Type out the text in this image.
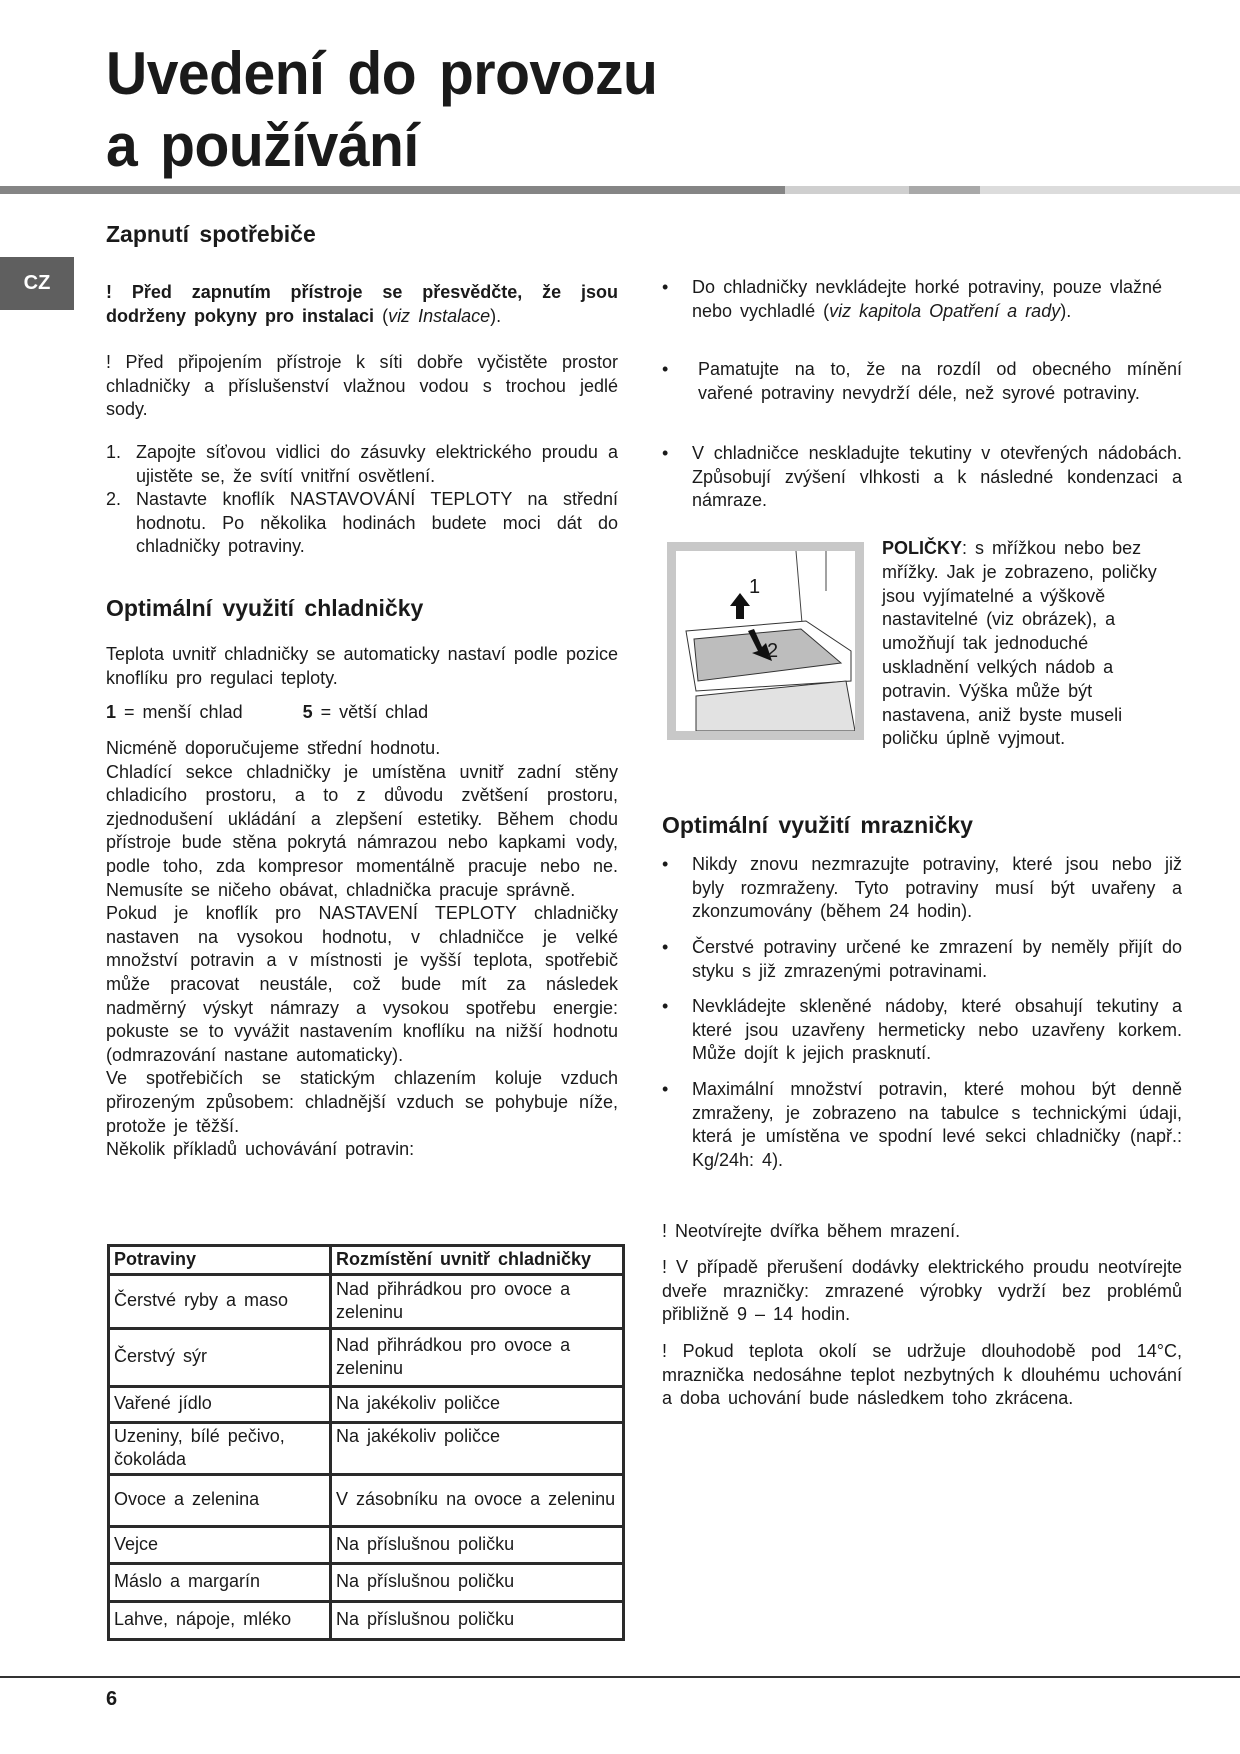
Uvedení do provozu
a používání
CZ
Zapnutí spotřebiče
! Před zapnutím přístroje se přesvědčte, že jsou dodrženy pokyny pro instalaci (viz Instalace).
! Před připojením přístroje k síti dobře vyčistěte prostor chladničky a příslušenství vlažnou vodou s trochou jedlé sody.
1. Zapojte síťovou vidlici do zásuvky elektrického proudu a ujistěte se, že svítí vnitřní osvětlení.
2. Nastavte knoflík NASTAVOVÁNÍ TEPLOTY na střední hodnotu. Po několika hodinách budete moci dát do chladničky potraviny.
Optimální využití chladničky
Teplota uvnitř chladničky se automaticky nastaví podle pozice knoflíku pro regulaci teploty.
1 = menší chlad	5 = větší chlad
Nicméně doporučujeme střední hodnotu.
Chladící sekce chladničky je umístěna uvnitř zadní stěny chladicího prostoru, a to z důvodu zvětšení prostoru, zjednodušení ukládání a zlepšení estetiky. Během chodu přístroje bude stěna pokrytá námrazou nebo kapkami vody, podle toho, zda kompresor momentálně pracuje nebo ne. Nemusíte se ničeho obávat, chladnička pracuje správně.
Pokud je knoflík pro NASTAVENÍ TEPLOTY chladničky nastaven na vysokou hodnotu, v chladničce je velké množství potravin a v místnosti je vyšší teplota, spotřebič může pracovat neustále, což bude mít za následek nadměrný výskyt námrazy a vysokou spotřebu energie: pokuste se to vyvážit nastavením knoflíku na nižší hodnotu (odmrazování nastane automaticky).
Ve spotřebičích se statickým chlazením koluje vzduch přirozeným způsobem: chladnější vzduch se pohybuje níže, protože je těžší.
Několik příkladů uchovávání potravin:
Potraviny	Rozmístění uvnitř chladničky
Čerstvé ryby a maso	Nad přihrádkou pro ovoce a zeleninu
Čerstvý sýr	Nad přihrádkou pro ovoce a zeleninu
Vařené jídlo	Na jakékoliv poličce
Uzeniny, bílé pečivo, čokoláda	Na jakékoliv poličce
Ovoce a zelenina	V zásobníku na ovoce a zeleninu
Vejce	Na příslušnou poličku
Máslo a margarín	Na příslušnou poličku
Lahve, nápoje, mléko	Na příslušnou poličku
•	Do chladničky nevkládejte horké potraviny, pouze vlažné nebo vychladlé (viz kapitola Opatření a rady).
•	Pamatujte na to, že na rozdíl od obecného mínění vařené potraviny nevydrží déle, než syrové potraviny.
•	V chladničce neskladujte tekutiny v otevřených nádobách. Způsobují zvýšení vlhkosti a k následné kondenzaci a námraze.
1
2
POLIČKY: s mřížkou nebo bez mřížky. Jak je zobrazeno, poličky jsou vyjímatelné a výškově nastavitelné (viz obrázek), a umožňují tak jednoduché uskladnění velkých nádob a potravin. Výška může být nastavena, aniž byste museli poličku úplně vyjmout.
Optimální využití mrazničky
•	Nikdy znovu nezmrazujte potraviny, které jsou nebo již byly rozmraženy. Tyto potraviny musí být uvařeny a zkonzumovány (během 24 hodin).
•	Čerstvé potraviny určené ke zmrazení by neměly přijít do styku s již zmrazenými potravinami.
•	Nevkládejte skleněné nádoby, které obsahují tekutiny a které jsou uzavřeny hermeticky nebo uzavřeny korkem. Může dojít k jejich prasknutí.
•	Maximální množství potravin, které mohou být denně zmraženy, je zobrazeno na tabulce s technickými údaji, která je umístěna ve spodní levé sekci chladničky (např.: Kg/24h: 4).
! Neotvírejte dvířka během mrazení.
! V případě přerušení dodávky elektrického proudu neotvírejte dveře mrazničky: zmrazené výrobky vydrží bez problémů přibližně 9 – 14 hodin.
! Pokud teplota okolí se udržuje dlouhodobě pod 14°C, mraznička nedosáhne teplot nezbytných k dlouhému uchování a doba uchování bude následkem toho zkrácena.
6
